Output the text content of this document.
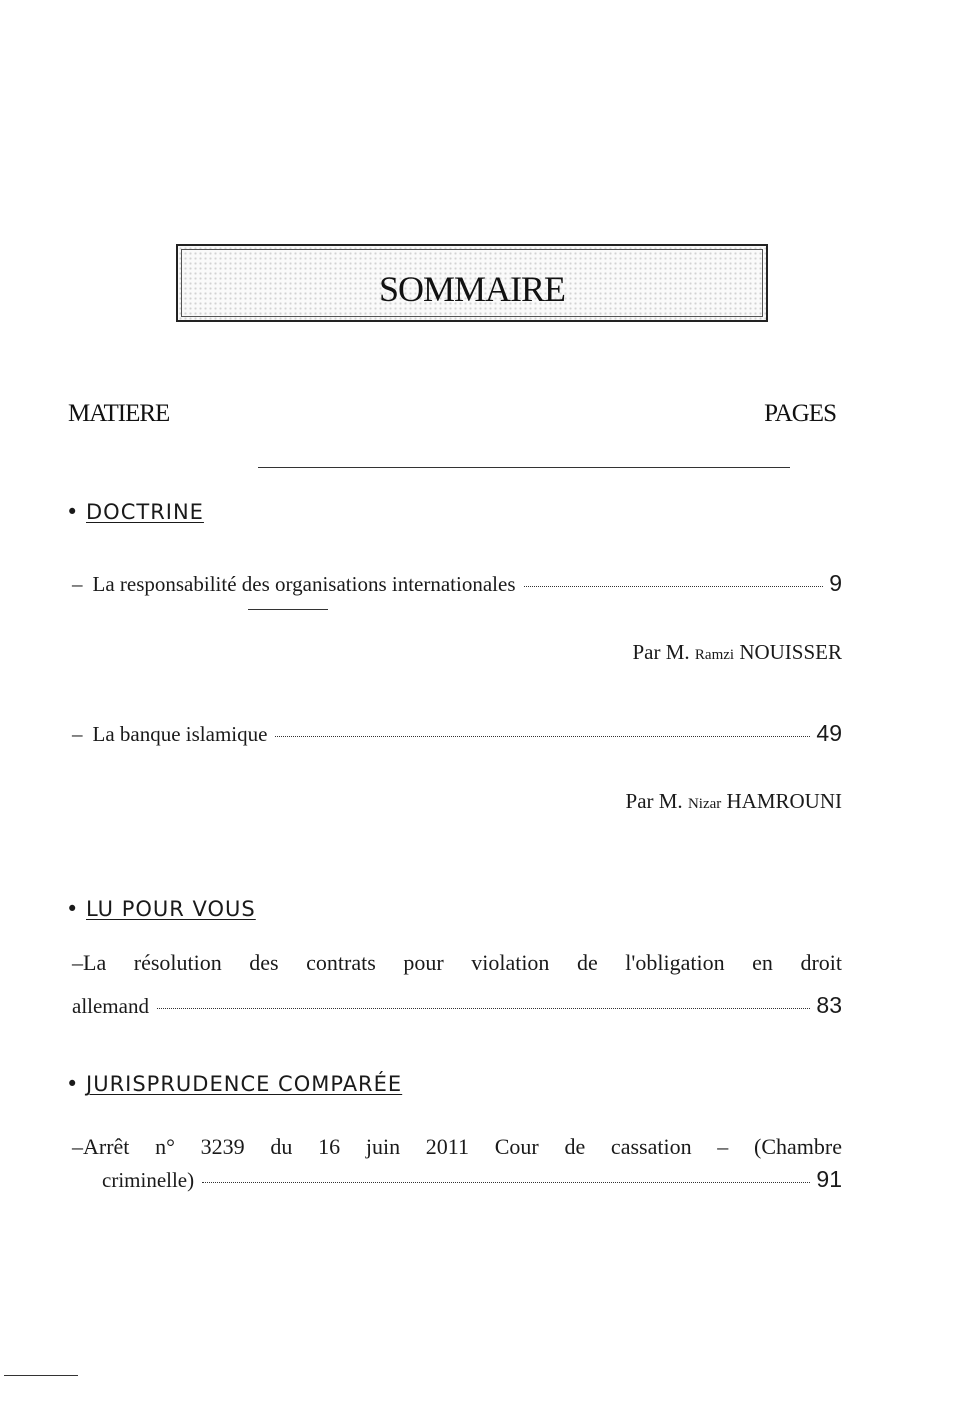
SOMMAIRE
MATIERE	PAGES
• DOCTRINE
– La responsabilité des organisations internationales	9
Par M. Ramzi NOUISSER
– La banque islamique	49
Par M. Nizar HAMROUNI
• LU POUR VOUS
–La résolution des contrats pour violation de l'obligation en droit
allemand	83
• JURISPRUDENCE COMPARÉE
–Arrêt n° 3239 du 16 juin 2011 Cour de cassation – (Chambre
criminelle)	91
